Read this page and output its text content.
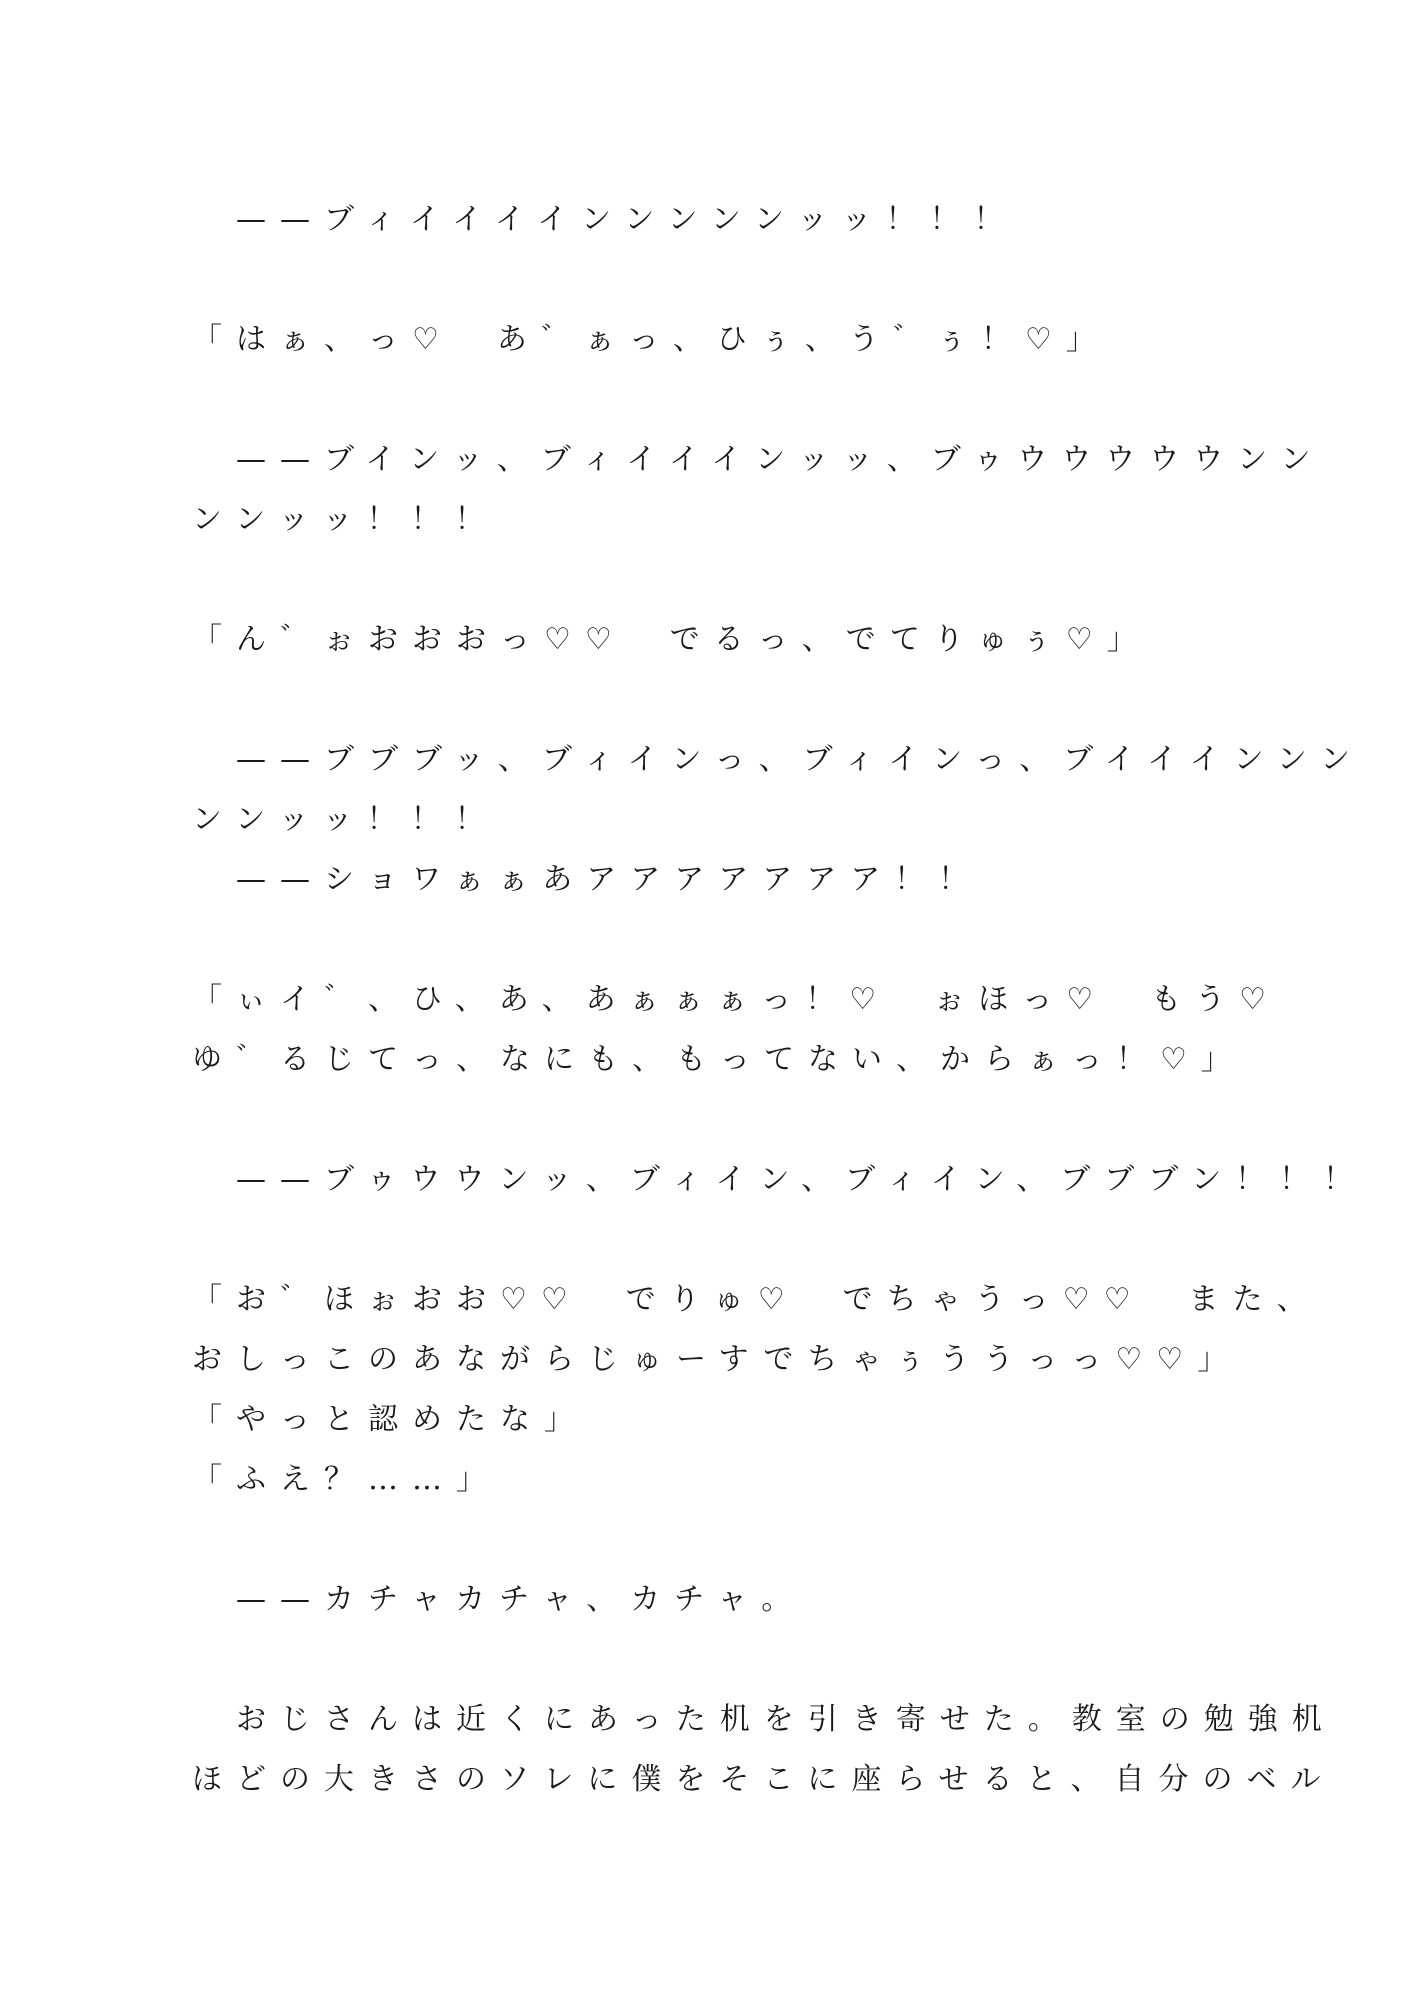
　——ブィイイイインンンンンッッ！！！
「はぁ、っ♡　あ゛ぁっ、ひぅ、う゛ぅ！♡」
　——ブインッ、ブィイイインッッ、ブゥウウウウウンン
ンンッッ！！！
「ん゛ぉおおおっ♡♡　でるっ、でてりゅぅ♡」
　——ブブブッ、ブィインっ、ブィインっ、ブイイインンン
ンンッッ！！！
　——ショワぁぁあアアアアアアア！！
「ぃイ゛、ひ、あ、あぁぁぁっ！♡　ぉほっ♡　もう♡
ゆ゛るじてっ、なにも、もってない、からぁっ！♡」
　——ブゥウウンッ、ブィイン、ブィイン、ブブブン！！！
「お゛ほぉおお♡♡　でりゅ♡　でちゃうっ♡♡　また、
おしっこのあながらじゅーすでちゃぅううっっ♡♡」
「やっと認めたな」
「ふえ？……」
　——カチャカチャ、カチャ。
　おじさんは近くにあった机を引き寄せた。教室の勉強机
ほどの大きさのソレに僕をそこに座らせると、自分のベル
